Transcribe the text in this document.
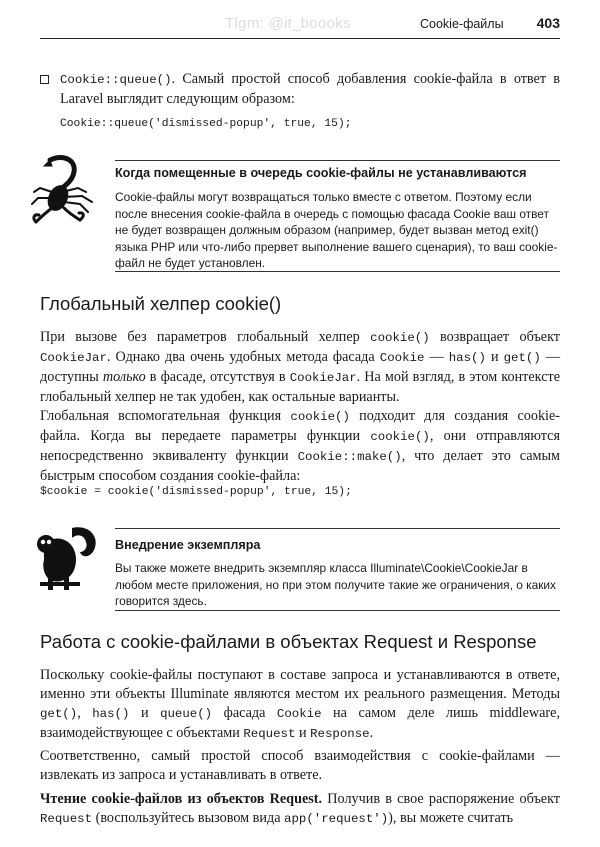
Tlgm: @it_boooks	Cookie-файлы	403

Cookie::queue(). Самый простой способ добавления cookie-файла в ответ в Laravel выглядит следующим образом:

Cookie::queue('dismissed-popup', true, 15);
Когда помещенные в очередь cookie-файлы не устанавливаются
Cookie-файлы могут возвращаться только вместе с ответом. Поэтому если после внесения cookie-файла в очередь с помощью фасада Cookie ваш ответ не будет возвращен должным образом (например, будет вызван метод exit() языка PHP или что-либо прервет выполнение вашего сценария), то ваш cookie-файл не будет установлен.
Глобальный хелпер cookie()

При вызове без параметров глобальный хелпер cookie() возвращает объект CookieJar. Однако два очень удобных метода фасада Cookie — has() и get() — доступны только в фасаде, отсутствуя в CookieJar. На мой взгляд, в этом контексте глобальный хелпер не так удобен, как остальные варианты.

Глобальная вспомогательная функция cookie() подходит для создания cookie-файла. Когда вы передаете параметры функции cookie(), они отправляются непосредственно эквиваленту функции Cookie::make(), что делает это самым быстрым способом создания cookie-файла:

$cookie = cookie('dismissed-popup', true, 15);
Внедрение экземпляра
Вы также можете внедрить экземпляр класса Illuminate\Cookie\CookieJar в любом месте приложения, но при этом получите такие же ограничения, о каких говорится здесь.
Работа с cookie-файлами в объектах Request и Response

Поскольку cookie-файлы поступают в составе запроса и устанавливаются в ответе, именно эти объекты Illuminate являются местом их реального размещения. Методы get(), has() и queue() фасада Cookie на самом деле лишь middleware, взаимодействующее с объектами Request и Response.

Соответственно, самый простой способ взаимодействия с cookie-файлами — извлекать из запроса и устанавливать в ответе.

Чтение cookie-файлов из объектов Request. Получив в свое распоряжение объект Request (воспользуйтесь вызовом вида app('request')), вы можете считать
